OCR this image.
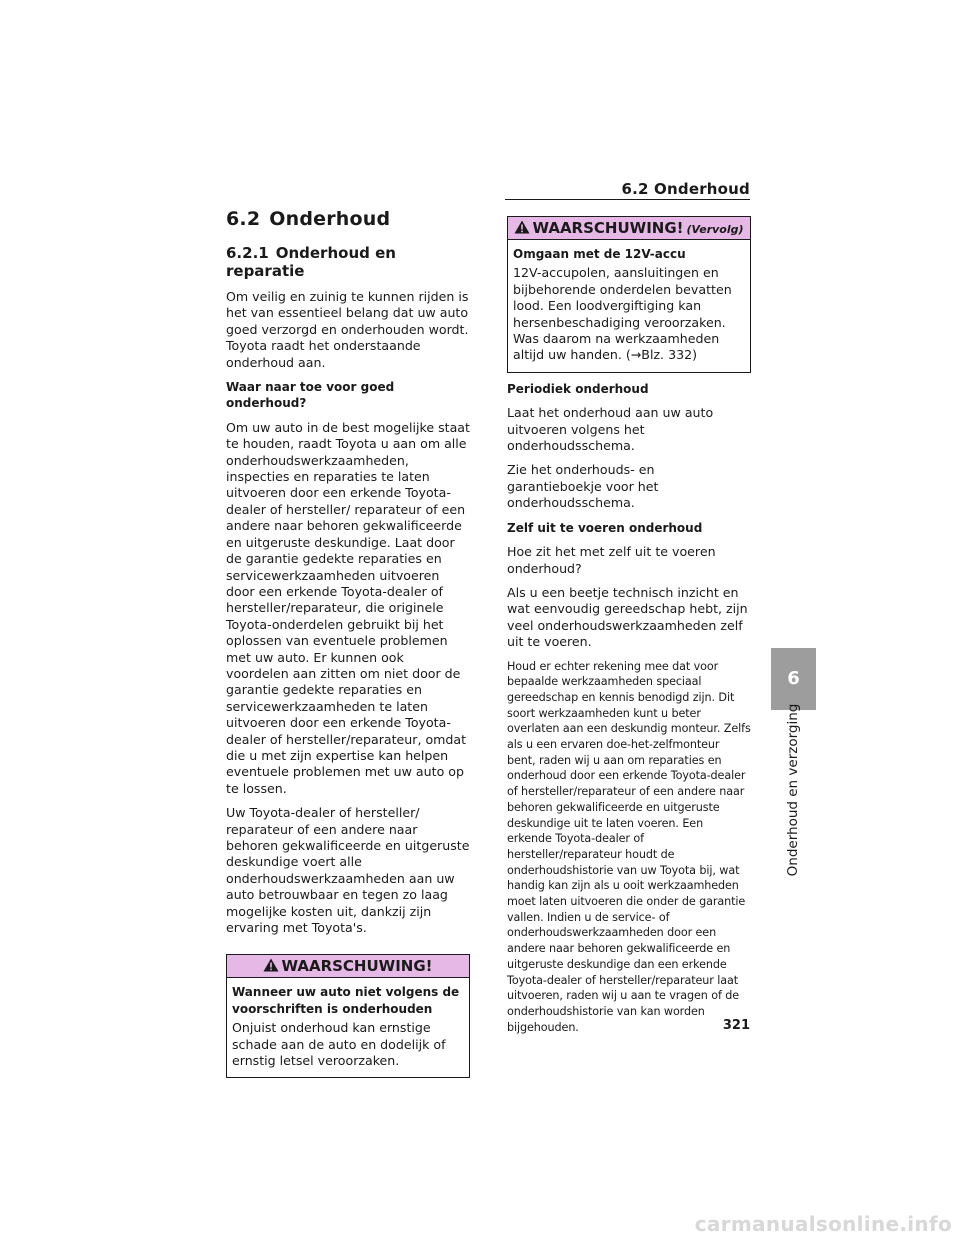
6.2 Onderhoud
6.2 Onderhoud
6.2.1 Onderhoud en reparatie

Om veilig en zuinig te kunnen rijden is het van essentieel belang dat uw auto goed verzorgd en onderhouden wordt. Toyota raadt het onderstaande onderhoud aan.

Waar naar toe voor goed onderhoud?

Om uw auto in de best mogelijke staat te houden, raadt Toyota u aan om alle onderhoudswerkzaamheden, inspecties en reparaties te laten uitvoeren door een erkende Toyota-dealer of hersteller/ reparateur of een andere naar behoren gekwalificeerde en uitgeruste deskundige. Laat door de garantie gedekte reparaties en servicewerkzaamheden uitvoeren door een erkende Toyota-dealer of hersteller/reparateur, die originele Toyota-onderdelen gebruikt bij het oplossen van eventuele problemen met uw auto. Er kunnen ook voordelen aan zitten om niet door de garantie gedekte reparaties en servicewerkzaamheden te laten uitvoeren door een erkende Toyota-dealer of hersteller/reparateur, omdat die u met zijn expertise kan helpen eventuele problemen met uw auto op te lossen.

Uw Toyota-dealer of hersteller/ reparateur of een andere naar behoren gekwalificeerde en uitgeruste deskundige voert alle onderhoudswerkzaamheden aan uw auto betrouwbaar en tegen zo laag mogelijke kosten uit, dankzij zijn ervaring met Toyota's.

WAARSCHUWING!

Wanneer uw auto niet volgens de voorschriften is onderhouden

Onjuist onderhoud kan ernstige schade aan de auto en dodelijk of ernstig letsel veroorzaken.

WAARSCHUWING! (Vervolg)

Omgaan met de 12V-accu

12V-accupolen, aansluitingen en bijbehorende onderdelen bevatten lood. Een loodvergiftiging kan hersenbeschadiging veroorzaken. Was daarom na werkzaamheden altijd uw handen. (→Blz. 332)

Periodiek onderhoud

Laat het onderhoud aan uw auto uitvoeren volgens het onderhoudsschema.

Zie het onderhouds- en garantieboekje voor het onderhoudsschema.

Zelf uit te voeren onderhoud

Hoe zit het met zelf uit te voeren onderhoud?

Als u een beetje technisch inzicht en wat eenvoudig gereedschap hebt, zijn veel onderhoudswerkzaamheden zelf uit te voeren.

Houd er echter rekening mee dat voor bepaalde werkzaamheden speciaal gereedschap en kennis benodigd zijn. Dit soort werkzaamheden kunt u beter overlaten aan een deskundig monteur. Zelfs als u een ervaren doe-het-zelfmonteur bent, raden wij u aan om reparaties en onderhoud door een erkende Toyota-dealer of hersteller/reparateur of een andere naar behoren gekwalificeerde en uitgeruste deskundige uit te laten voeren. Een erkende Toyota-dealer of hersteller/reparateur houdt de onderhoudshistorie van uw Toyota bij, wat handig kan zijn als u ooit werkzaamheden moet laten uitvoeren die onder de garantie vallen. Indien u de service- of onderhoudswerkzaamheden door een andere naar behoren gekwalificeerde en uitgeruste deskundige dan een erkende Toyota-dealer of hersteller/reparateur laat uitvoeren, raden wij u aan te vragen of de onderhoudshistorie van kan worden bijgehouden.

6
Onderhoud en verzorging
321
carmanualsonline.info
